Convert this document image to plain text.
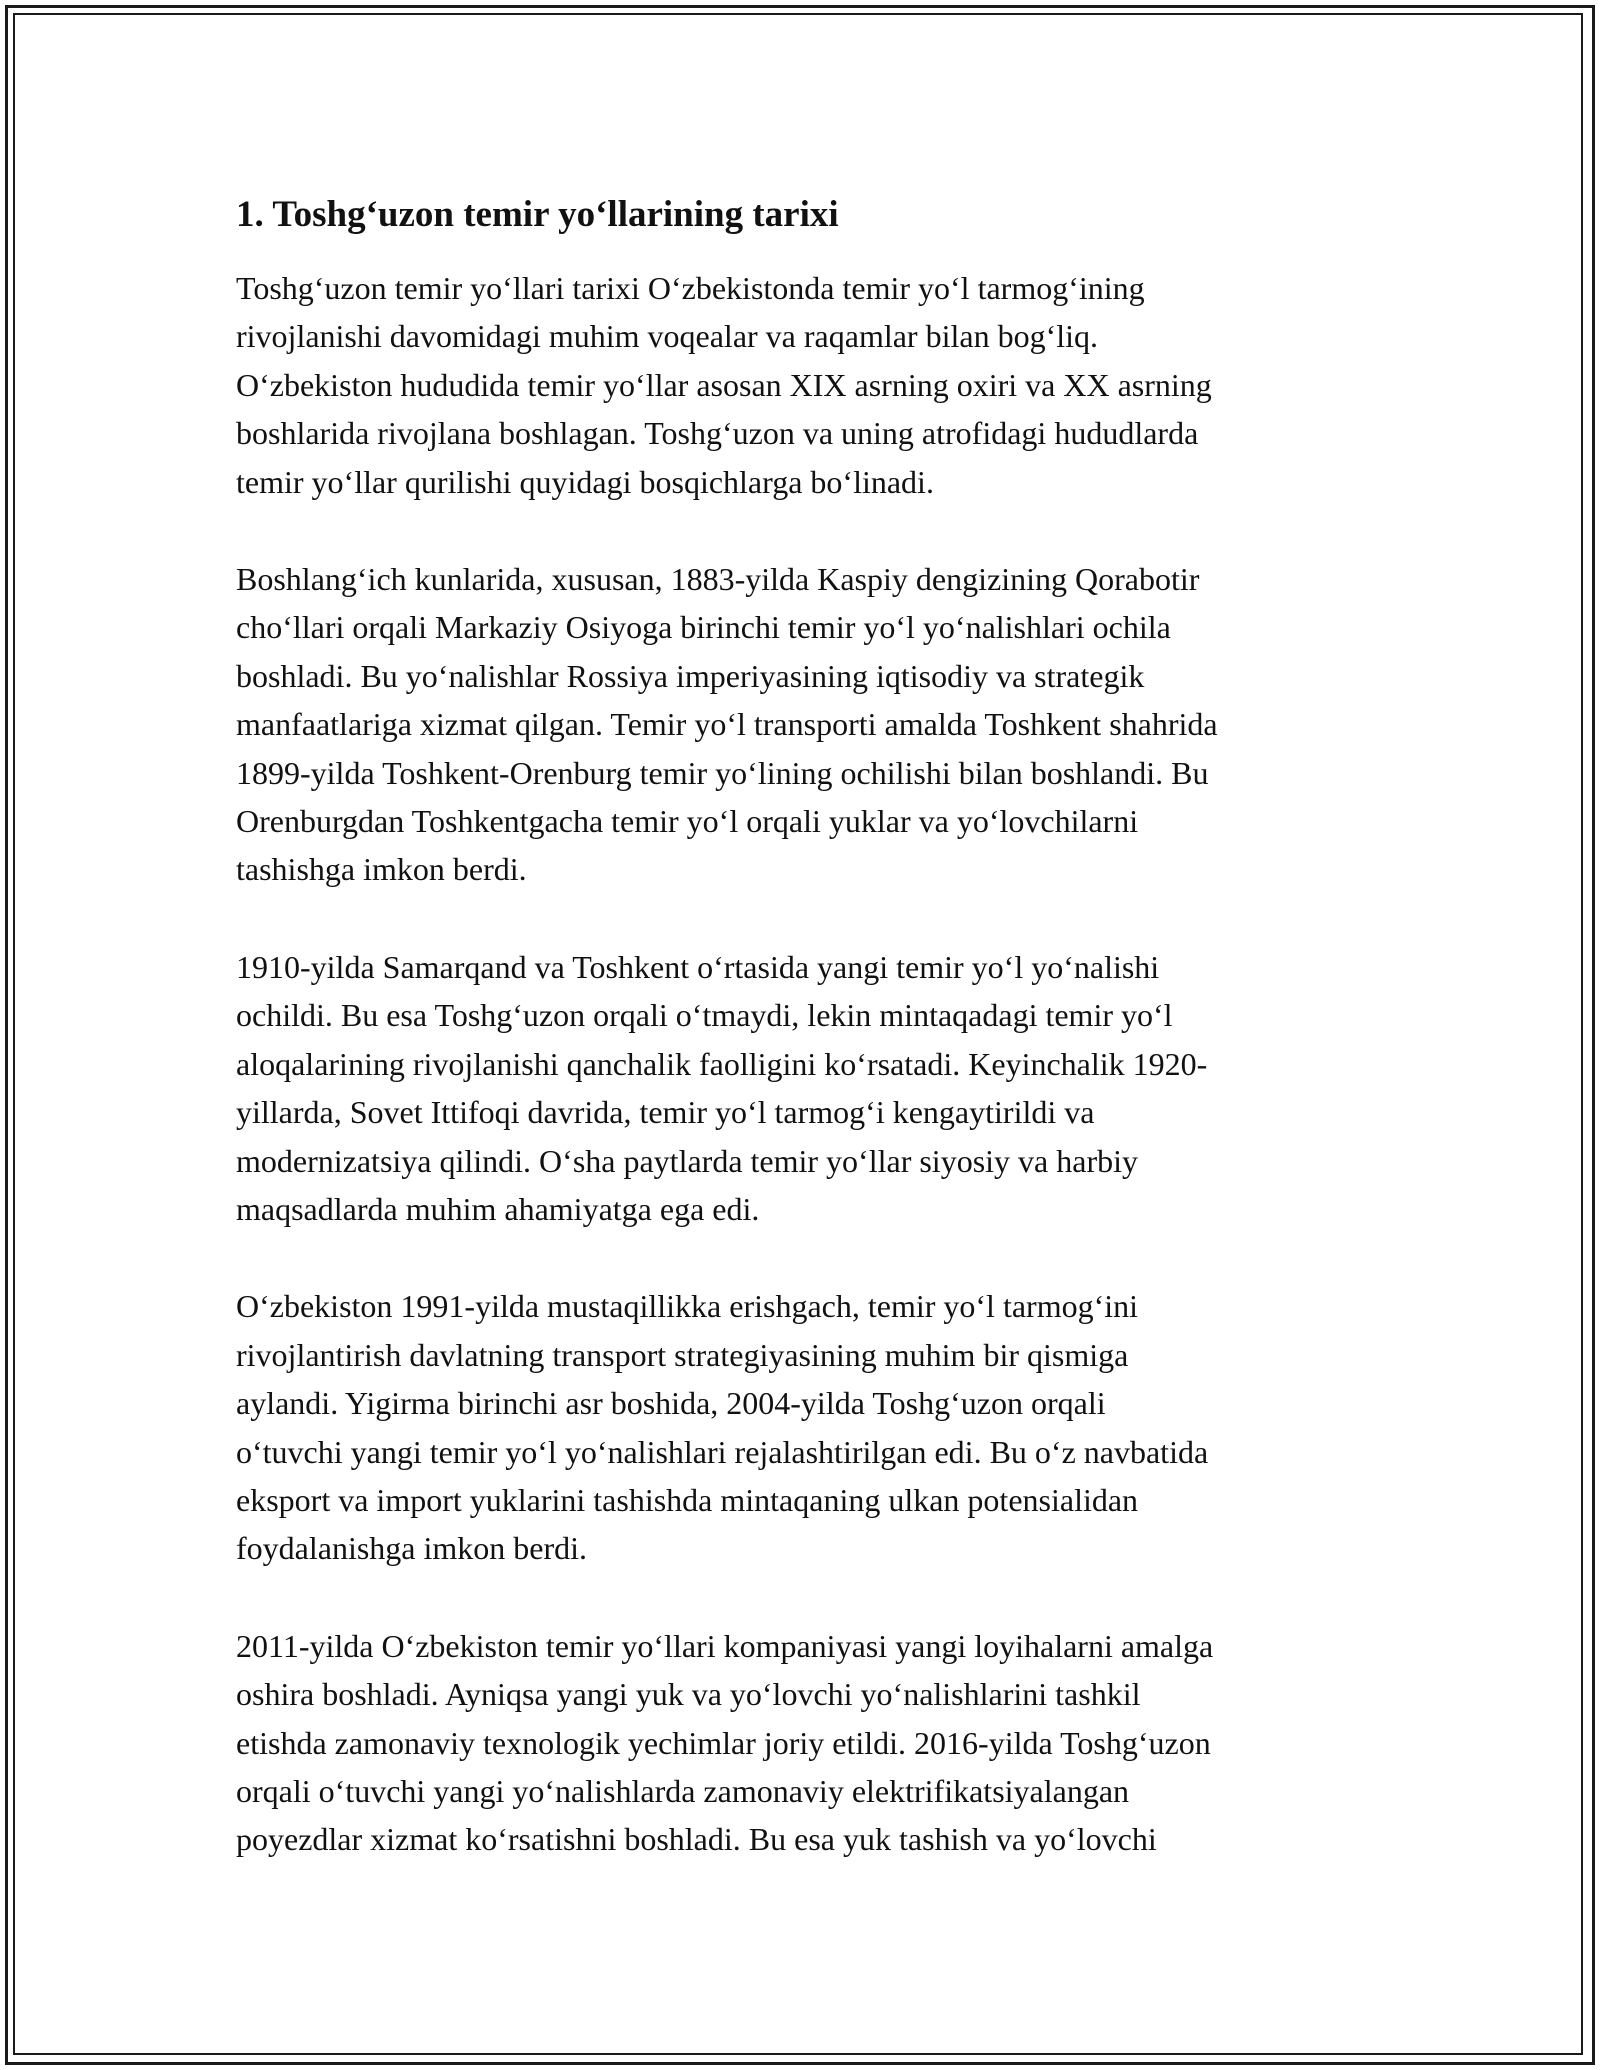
1. Toshg‘uzon temir yo‘llarining tarixi

Toshg‘uzon temir yo‘llari tarixi O‘zbekistonda temir yo‘l tarmog‘ining
rivojlanishi davomidagi muhim voqealar va raqamlar bilan bog‘liq.
O‘zbekiston hududida temir yo‘llar asosan XIX asrning oxiri va XX asrning
boshlarida rivojlana boshlagan. Toshg‘uzon va uning atrofidagi hududlarda
temir yo‘llar qurilishi quyidagi bosqichlarga bo‘linadi.

Boshlang‘ich kunlarida, xususan, 1883-yilda Kaspiy dengizining Qorabotir
cho‘llari orqali Markaziy Osiyoga birinchi temir yo‘l yo‘nalishlari ochila
boshladi. Bu yo‘nalishlar Rossiya imperiyasining iqtisodiy va strategik
manfaatlariga xizmat qilgan. Temir yo‘l transporti amalda Toshkent shahrida
1899-yilda Toshkent-Orenburg temir yo‘lining ochilishi bilan boshlandi. Bu
Orenburgdan Toshkentgacha temir yo‘l orqali yuklar va yo‘lovchilarni
tashishga imkon berdi.

1910-yilda Samarqand va Toshkent o‘rtasida yangi temir yo‘l yo‘nalishi
ochildi. Bu esa Toshg‘uzon orqali o‘tmaydi, lekin mintaqadagi temir yo‘l
aloqalarining rivojlanishi qanchalik faolligini ko‘rsatadi. Keyinchalik 1920-
yillarda, Sovet Ittifoqi davrida, temir yo‘l tarmog‘i kengaytirildi va
modernizatsiya qilindi. O‘sha paytlarda temir yo‘llar siyosiy va harbiy
maqsadlarda muhim ahamiyatga ega edi.

O‘zbekiston 1991-yilda mustaqillikka erishgach, temir yo‘l tarmog‘ini
rivojlantirish davlatning transport strategiyasining muhim bir qismiga
aylandi. Yigirma birinchi asr boshida, 2004-yilda Toshg‘uzon orqali
o‘tuvchi yangi temir yo‘l yo‘nalishlari rejalashtirilgan edi. Bu o‘z navbatida
eksport va import yuklarini tashishda mintaqaning ulkan potensialidan
foydalanishga imkon berdi.

2011-yilda O‘zbekiston temir yo‘llari kompaniyasi yangi loyihalarni amalga
oshira boshladi. Ayniqsa yangi yuk va yo‘lovchi yo‘nalishlarini tashkil
etishda zamonaviy texnologik yechimlar joriy etildi. 2016-yilda Toshg‘uzon
orqali o‘tuvchi yangi yo‘nalishlarda zamonaviy elektrifikatsiyalangan
poyezdlar xizmat ko‘rsatishni boshladi. Bu esa yuk tashish va yo‘lovchi
